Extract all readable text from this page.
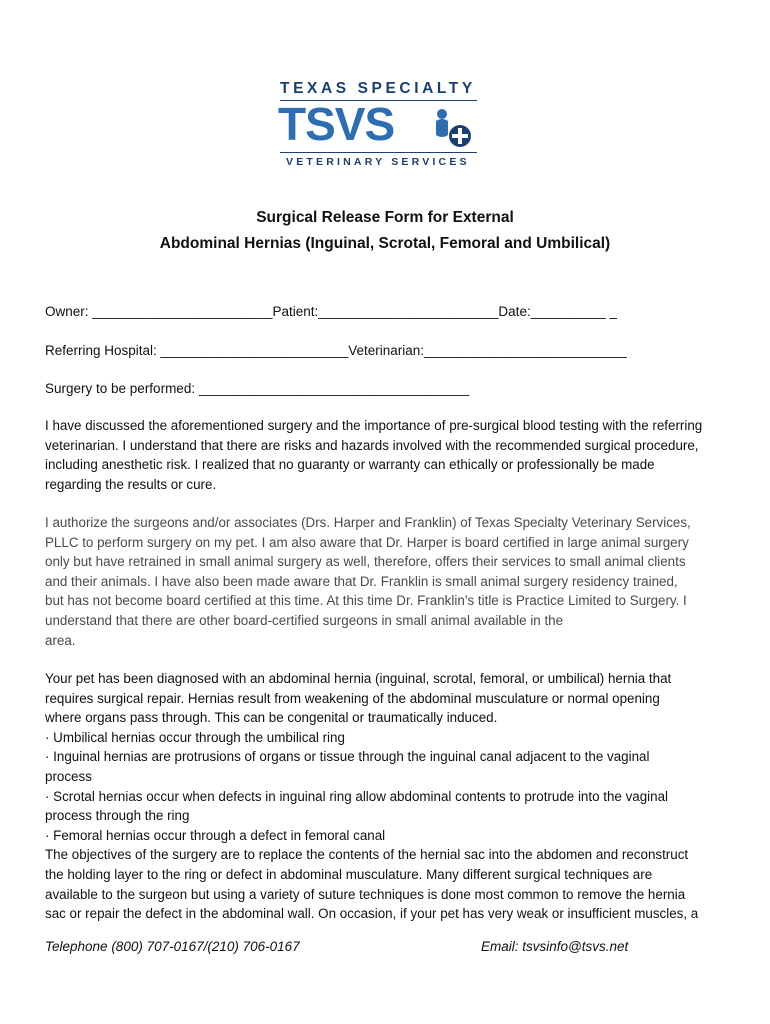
TEXAS SPECIALTY
TSVS
VETERINARY SERVICES
Surgical Release Form for External
Abdominal Hernias (Inguinal, Scrotal, Femoral and Umbilical)
Owner: ________________________Patient:________________________Date:__________ _
Referring Hospital: _________________________Veterinarian:___________________________
Surgery to be performed: ____________________________________
I have discussed the aforementioned surgery and the importance of pre-surgical blood testing with the referring
veterinarian. I understand that there are risks and hazards involved with the recommended surgical procedure,
including anesthetic risk. I realized that no guaranty or warranty can ethically or professionally be made
regarding the results or cure.
I authorize the surgeons and/or associates (Drs. Harper and Franklin) of Texas Specialty Veterinary Services,
PLLC to perform surgery on my pet. I am also aware that Dr. Harper is board certified in large animal surgery
only but have retrained in small animal surgery as well, therefore, offers their services to small animal clients
and their animals. I have also been made aware that Dr. Franklin is small animal surgery residency trained,
but has not become board certified at this time. At this time Dr. Franklin’s title is Practice Limited to Surgery. I
understand that there are other board-certified surgeons in small animal available in the
area.
Your pet has been diagnosed with an abdominal hernia (inguinal, scrotal, femoral, or umbilical) hernia that
requires surgical repair. Hernias result from weakening of the abdominal musculature or normal opening
where organs pass through. This can be congenital or traumatically induced.
· Umbilical hernias occur through the umbilical ring
· Inguinal hernias are protrusions of organs or tissue through the inguinal canal adjacent to the vaginal
process
· Scrotal hernias occur when defects in inguinal ring allow abdominal contents to protrude into the vaginal
process through the ring
· Femoral hernias occur through a defect in femoral canal
The objectives of the surgery are to replace the contents of the hernial sac into the abdomen and reconstruct
the holding layer to the ring or defect in abdominal musculature. Many different surgical techniques are
available to the surgeon but using a variety of suture techniques is done most common to remove the hernia
sac or repair the defect in the abdominal wall. On occasion, if your pet has very weak or insufficient muscles, a
Telephone (800) 707-0167/(210) 706-0167	Email: tsvsinfo@tsvs.net
